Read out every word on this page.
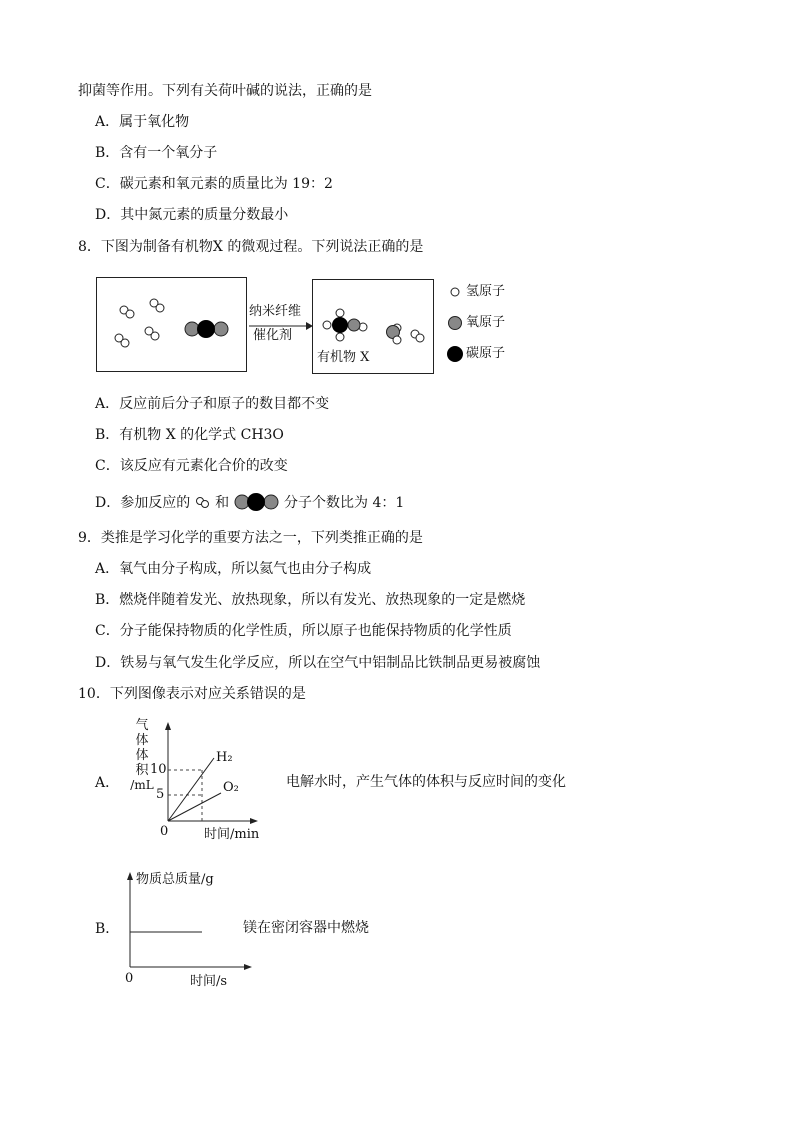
抑菌等作用。下列有关荷叶碱的说法，正确的是
A．属于氧化物
B．含有一个氧分子
C．碳元素和氧元素的质量比为 19：2
D．其中氮元素的质量分数最小
8．下图为制备有机物X 的微观过程。下列说法正确的是
纳米纤维
催化剂
有机物 X
氢原子
氧原子
碳原子
A．反应前后分子和原子的数目都不变
B．有机物 X 的化学式 CH3O
C．该反应有元素化合价的改变
D．参加反应的 和	分子个数比为 4：1
9．类推是学习化学的重要方法之一，下列类推正确的是
A．氧气由分子构成，所以氦气也由分子构成
B．燃烧伴随着发光、放热现象，所以有发光、放热现象的一定是燃烧
C．分子能保持物质的化学性质，所以原子也能保持物质的化学性质
D．铁易与氧气发生化学反应，所以在空气中铝制品比铁制品更易被腐蚀
10．下列图像表示对应关系错误的是
A．
气
体
体
积
/mL
10
5
0
H₂
O₂
时间/min
电解水时，产生气体的体积与反应时间的变化
B．
物质总质量/g
0	时间/s
镁在密闭容器中燃烧
